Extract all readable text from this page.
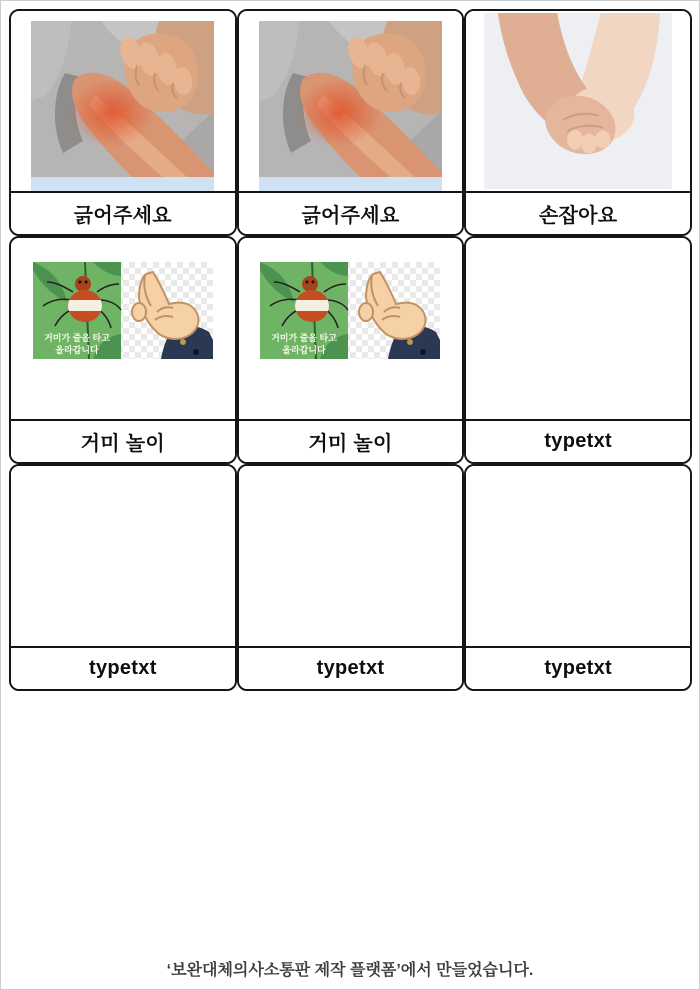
긁어주세요	긁어주세요	손잡아요
거미 놀이	거미 놀이	typetxt
typetxt	typetxt	typetxt
‘보완대체의사소통판 제작 플랫폼’에서 만들었습니다.
